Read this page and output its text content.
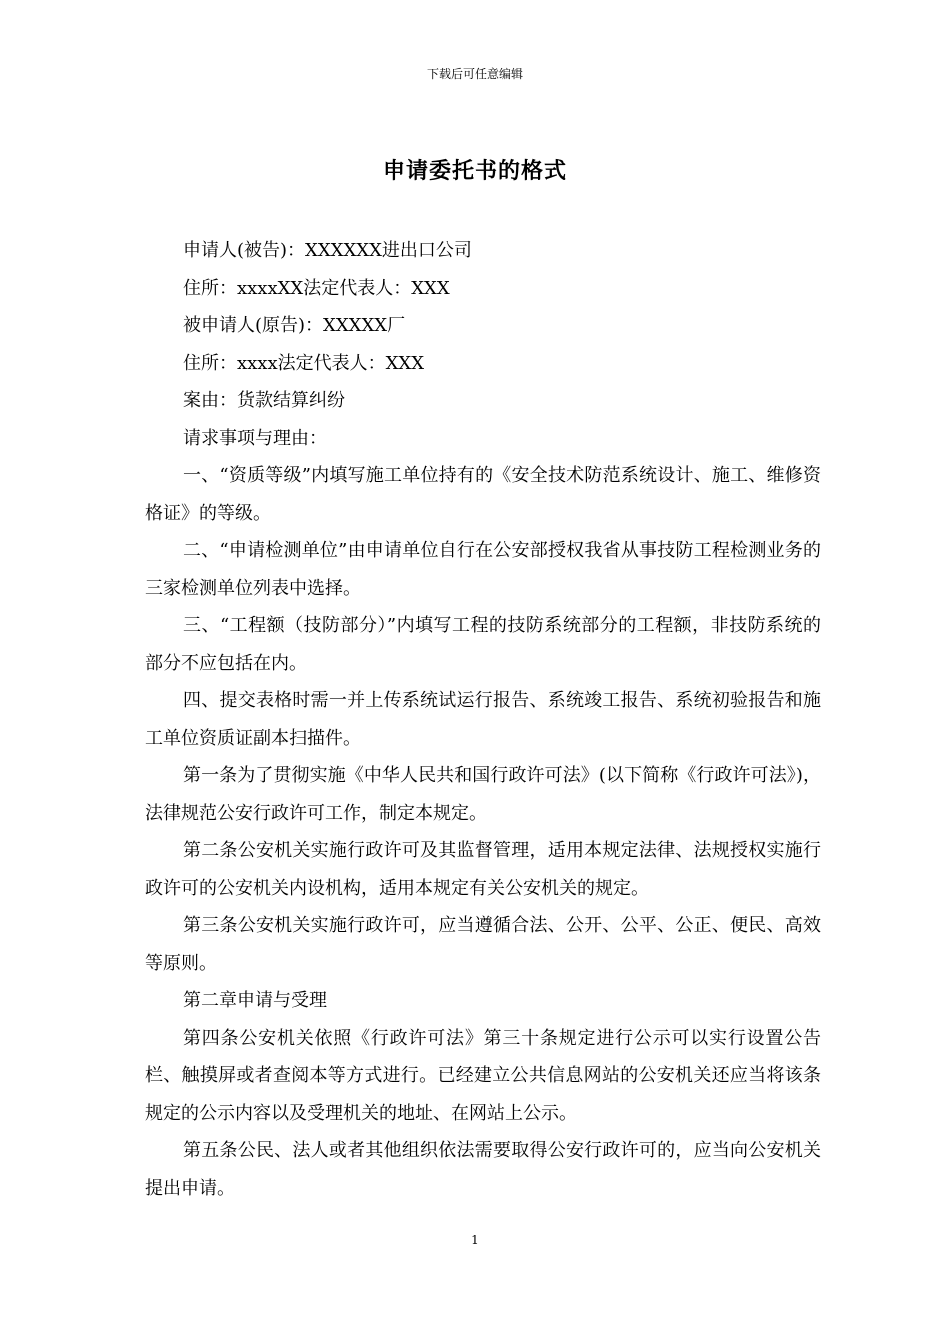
下载后可任意编辑
申请委托书的格式

申请人(被告)：XXXXXX进出口公司

住所：xxxxXX法定代表人：XXX

被申请人(原告)：XXXXX厂

住所：xxxx法定代表人：XXX

案由：货款结算纠纷

请求事项与理由：

一、“资质等级”内填写施工单位持有的《安全技术防范系统设计、施工、维修资格证》的等级。

二、“申请检测单位”由申请单位自行在公安部授权我省从事技防工程检测业务的三家检测单位列表中选择。

三、“工程额（技防部分）”内填写工程的技防系统部分的工程额，非技防系统的部分不应包括在内。

四、提交表格时需一并上传系统试运行报告、系统竣工报告、系统初验报告和施工单位资质证副本扫描件。

第一条为了贯彻实施《中华人民共和国行政许可法》(以下简称《行政许可法》)，法律规范公安行政许可工作，制定本规定。

第二条公安机关实施行政许可及其监督管理，适用本规定法律、法规授权实施行政许可的公安机关内设机构，适用本规定有关公安机关的规定。

第三条公安机关实施行政许可，应当遵循合法、公开、公平、公正、便民、高效等原则。

第二章申请与受理

第四条公安机关依照《行政许可法》第三十条规定进行公示可以实行设置公告栏、触摸屏或者查阅本等方式进行。已经建立公共信息网站的公安机关还应当将该条规定的公示内容以及受理机关的地址、在网站上公示。

第五条公民、法人或者其他组织依法需要取得公安行政许可的，应当向公安机关提出申请。

1
